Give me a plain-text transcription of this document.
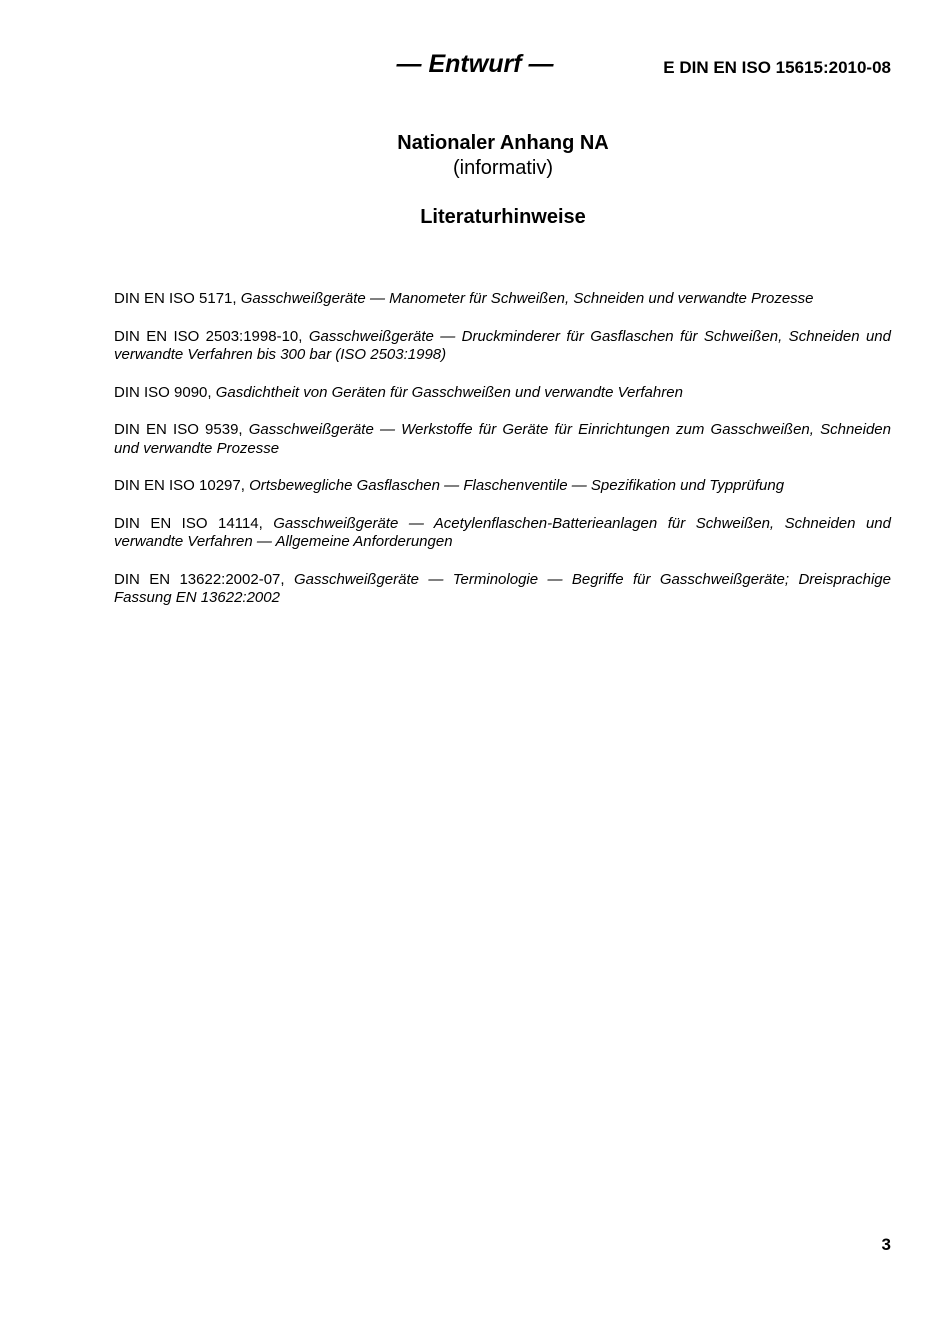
— Entwurf —	E DIN EN ISO 15615:2010-08
Nationaler Anhang NA
(informativ)
Literaturhinweise
DIN EN ISO 5171, Gasschweißgeräte — Manometer für Schweißen, Schneiden und verwandte Prozesse
DIN EN ISO 2503:1998-10, Gasschweißgeräte — Druckminderer für Gasflaschen für Schweißen, Schneiden und verwandte Verfahren bis 300 bar (ISO 2503:1998)
DIN ISO 9090, Gasdichtheit von Geräten für Gasschweißen und verwandte Verfahren
DIN EN ISO 9539, Gasschweißgeräte — Werkstoffe für Geräte für Einrichtungen zum Gasschweißen, Schneiden und verwandte Prozesse
DIN EN ISO 10297, Ortsbewegliche Gasflaschen — Flaschenventile — Spezifikation und Typprüfung
DIN EN ISO 14114, Gasschweißgeräte — Acetylenflaschen-Batterieanlagen für Schweißen, Schneiden und verwandte Verfahren — Allgemeine Anforderungen
DIN EN 13622:2002-07, Gasschweißgeräte — Terminologie — Begriffe für Gasschweißgeräte; Dreisprachige Fassung EN 13622:2002
3
